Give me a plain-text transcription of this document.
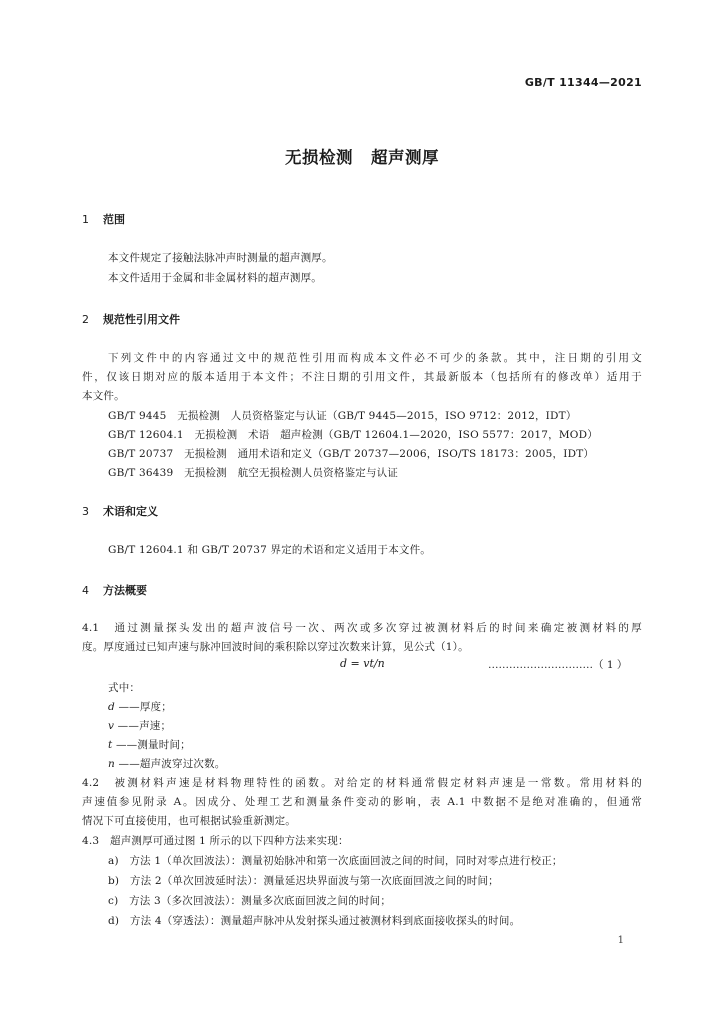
GB/T 11344—2021
无损检测 超声测厚
1 范围
本文件规定了接触法脉冲声时测量的超声测厚。
本文件适用于金属和非金属材料的超声测厚。
2 规范性引用文件
下列文件中的内容通过文中的规范性引用而构成本文件必不可少的条款。其中，注日期的引用文
件，仅该日期对应的版本适用于本文件；不注日期的引用文件，其最新版本（包括所有的修改单）适用于
本文件。
GB/T 9445　无损检测　人员资格鉴定与认证（GB/T 9445—2015，ISO 9712：2012，IDT）
GB/T 12604.1　无损检测　术语　超声检测（GB/T 12604.1—2020，ISO 5577：2017，MOD）
GB/T 20737　无损检测　通用术语和定义（GB/T 20737—2006，ISO/TS 18173：2005，IDT）
GB/T 36439　无损检测　航空无损检测人员资格鉴定与认证
3 术语和定义
GB/T 12604.1 和 GB/T 20737 界定的术语和定义适用于本文件。
4 方法概要
4.1　通过测量探头发出的超声波信号一次、两次或多次穿过被测材料后的时间来确定被测材料的厚
度。厚度通过已知声速与脉冲回波时间的乘积除以穿过次数来计算，见公式（1）。
d = vt/n	…………………………（ 1 ）
式中：
d ——厚度；
v ——声速；
t ——测量时间；
n ——超声波穿过次数。
4.2　被测材料声速是材料物理特性的函数。对给定的材料通常假定材料声速是一常数。常用材料的
声速值参见附录 A。因成分、处理工艺和测量条件变动的影响，表 A.1 中数据不是绝对准确的，但通常
情况下可直接使用，也可根据试验重新测定。
4.3　超声测厚可通过图 1 所示的以下四种方法来实现：
a)　方法 1（单次回波法）：测量初始脉冲和第一次底面回波之间的时间，同时对零点进行校正；
b)　方法 2（单次回波延时法）：测量延迟块界面波与第一次底面回波之间的时间；
c)　方法 3（多次回波法）：测量多次底面回波之间的时间；
d)　方法 4（穿透法）：测量超声脉冲从发射探头通过被测材料到底面接收探头的时间。
1
